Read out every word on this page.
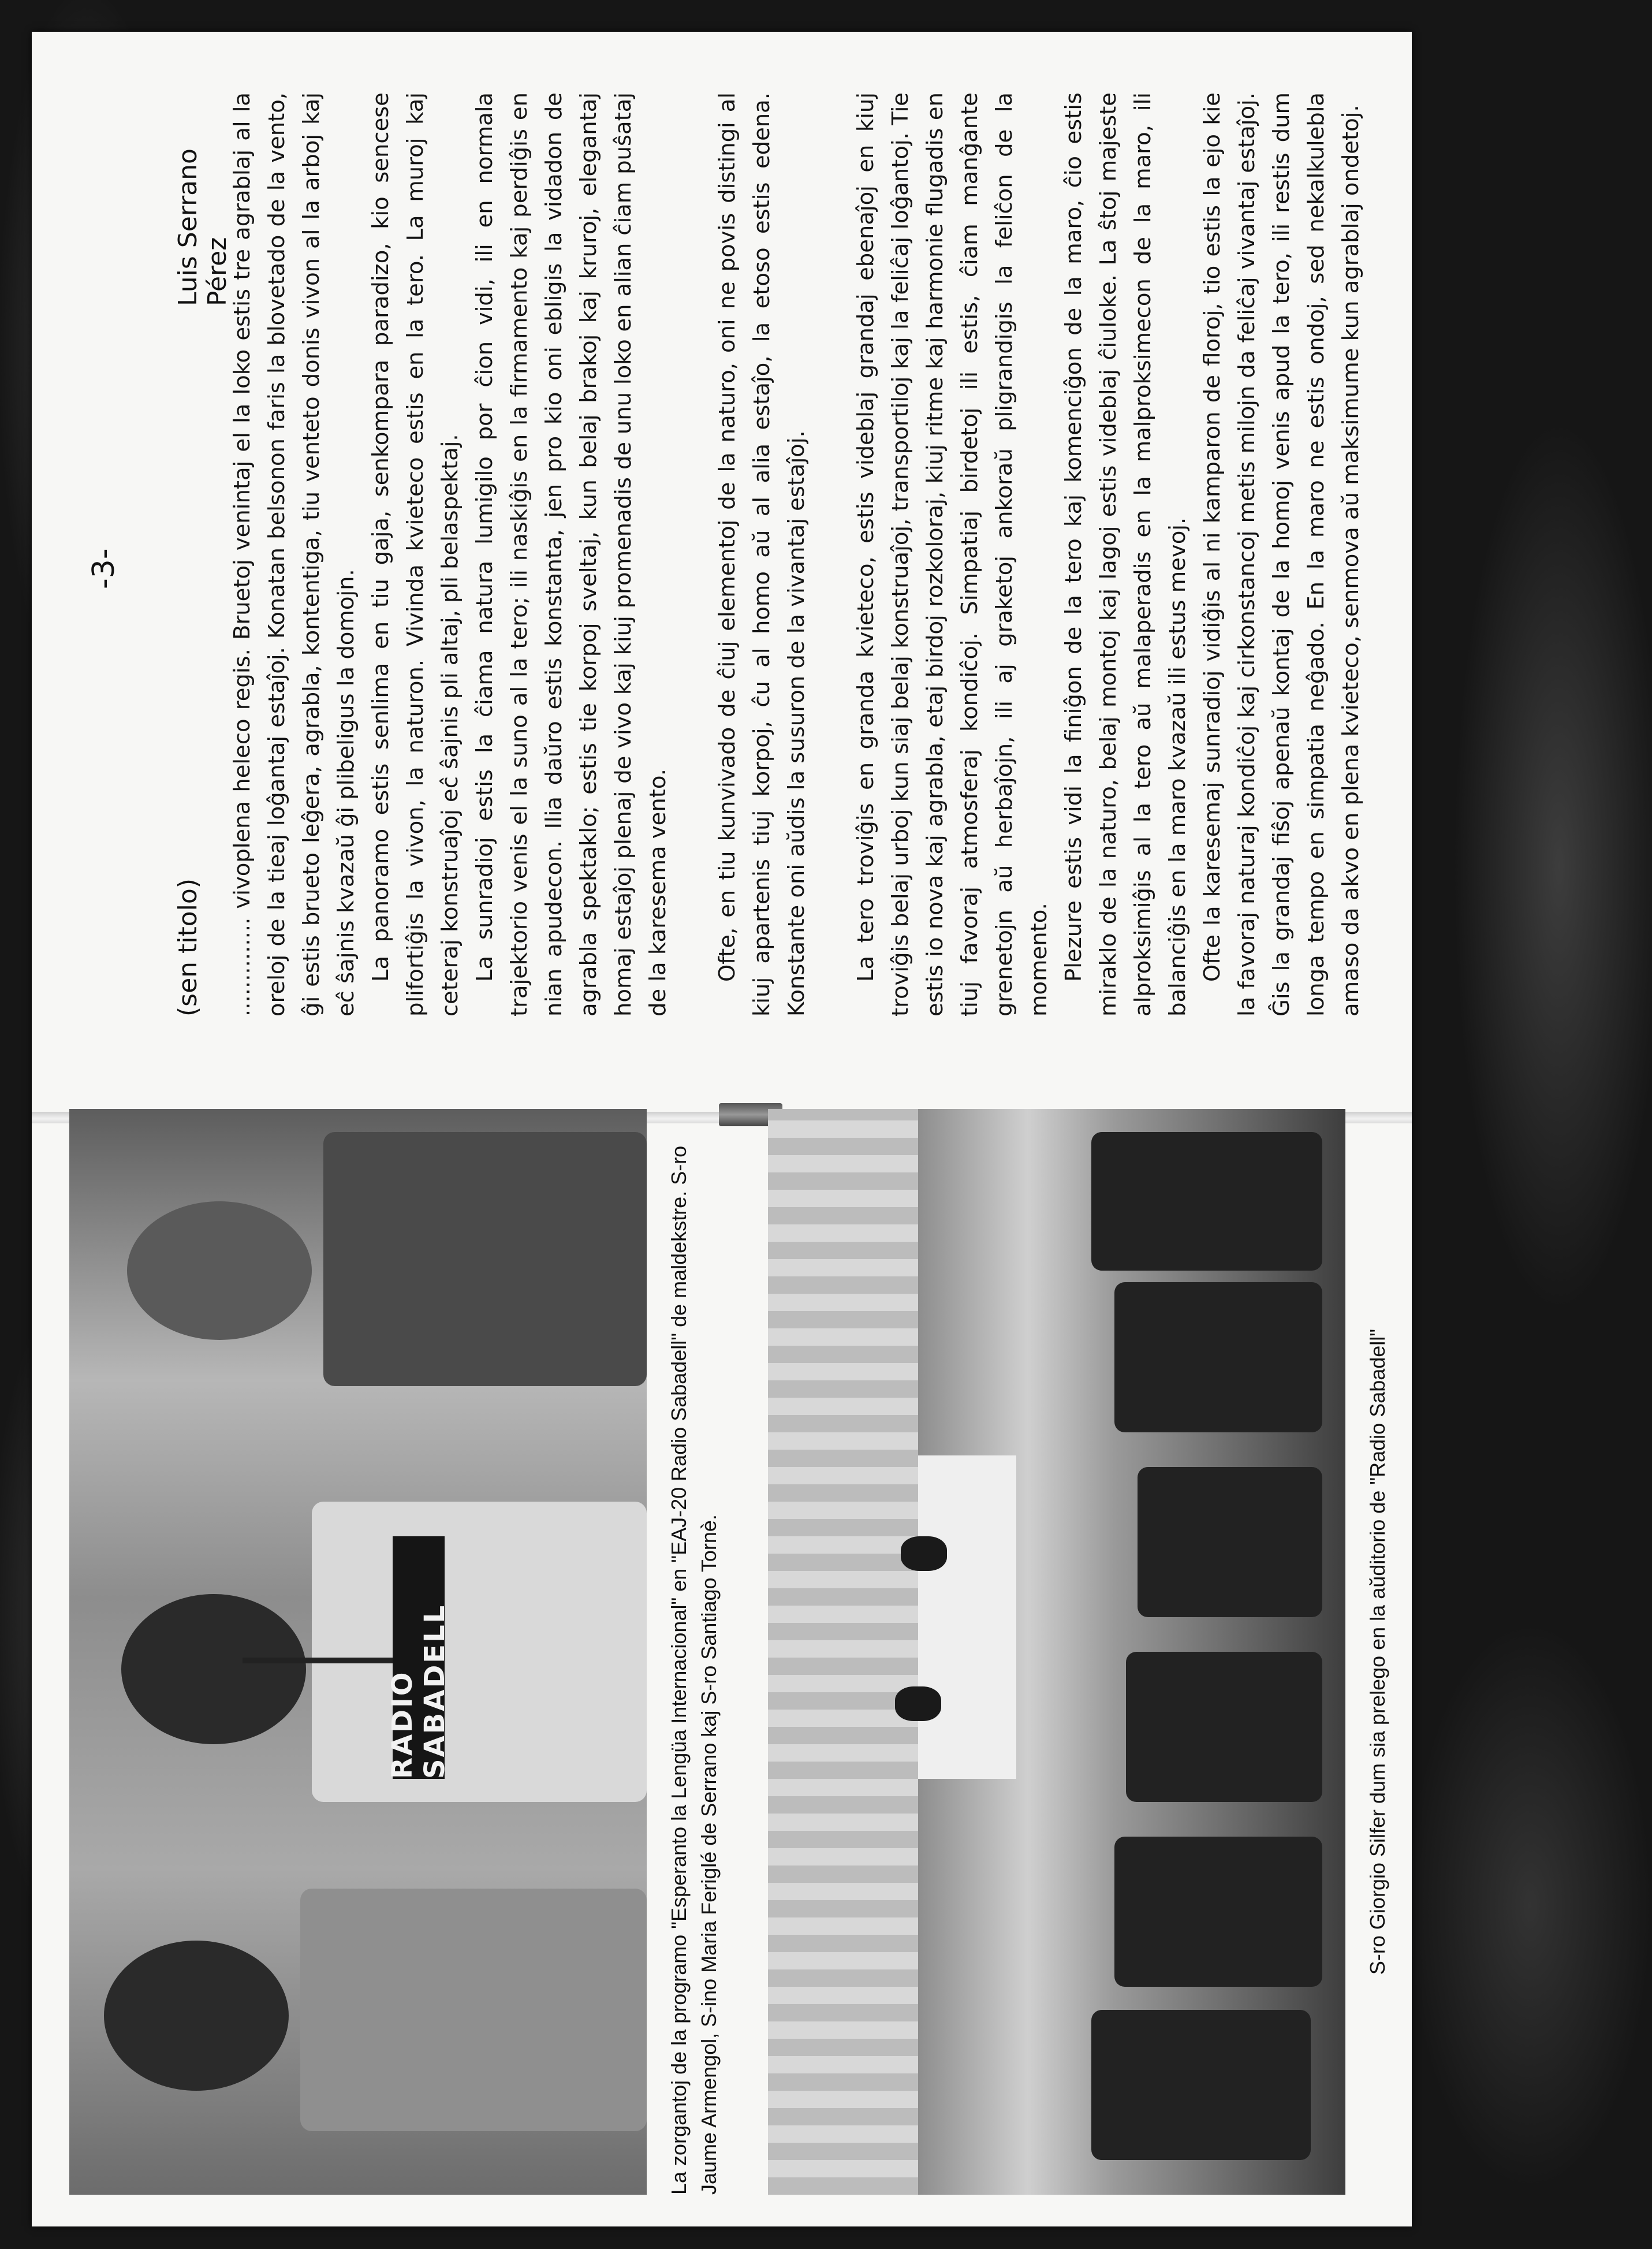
-3-
(sen titolo)
Luis Serrano Pérez

.............. vivoplena heleco regis. Bruetoj venintaj el la loko estis tre agrablaj al la oreloj de la tieaj loĝantaj estaĵoj. Konatan belsonon faris la blovetado de la vento, ĝi estis brueto leĝera, agrabla, kontentiga, tiu venteto donis vivon al la arboj kaj eĉ ŝajnis kvazaŭ ĝi plibeligus la domojn. La panoramo estis senlima en tiu gaja, senkompara paradizo, kio sencese plifortiĝis la vivon, la naturon. Vivinda kvieteco estis en la tero. La muroj kaj ceteraj konstruaĵoj eĉ ŝajnis pli altaj, pli belaspektaj. La sunradioj estis la ĉiama natura lumigilo por ĉion vidi, ili en normala trajektorio venis el la suno al la tero; ili naskiĝis en la firmamento kaj perdiĝis en nian apudecon. Ilia daŭro estis konstanta, jen pro kio oni ebligis la vidadon de agrabla spektaklo; estis tie korpoj sveltaj, kun belaj brakoj kaj kruroj, elegantaj homaj estaĵoj plenaj de vivo kaj kiuj promenadis de unu loko en alian ĉiam puŝataj de la karesema vento. Ofte, en tiu kunvivado de ĉiuj elementoj de la naturo, oni ne povis distingi al kiuj apartenis tiuj korpoj, ĉu al homo aŭ al alia estaĵo, la etoso estis edena. Konstante oni aŭdis la susuron de la vivantaj estaĵoj. La tero troviĝis en granda kvieteco, estis videblaj grandaj ebenaĵoj en kiuj troviĝis belaj urboj kun siaj belaj konstruaĵoj, transportiloj kaj la feliĉaj loĝantoj. Tie estis io nova kaj agrabla, etaj birdoj rozkoloraj, kiuj ritme kaj harmonie flugadis en tiuj favoraj atmosferaj kondiĉoj. Simpatiaj birdetoj ili estis, ĉiam manĝante grenetojn aŭ herbaĵojn, ili aj graketoj ankoraŭ pligrandigis la feliĉon de la momento. Plezure estis vidi la finiĝon de la tero kaj komenciĝon de la maro, ĉio estis miraklo de la naturo, belaj montoj kaj lagoj estis videblaj ĉiulokе. La ŝtoj majeste alproksimiĝis al la tero aŭ malaperadis en la malproksimecon de la maro, ili balanciĝis en la maro kvazaŭ ili estus mevoj. Ofte la karesemaj sunradioj vidiĝis al ni kamparon de floroj, tio estis la ejo kie la favoraj naturaj kondiĉoj kaj cirkonstancoj metis milojn da feliĉaj vivantaj estaĵoj. Ĝis la grandaj fiŝoj apenaŭ kontaj de la homoj venis apud la tero, ili restis dum longa tempo en simpatia neĝado. En la maro ne estis ondoj, sed nekalkulebla amaso da akvo en plena kvieteco, senmova aŭ maksimume kun agrablaj ondetoj.

RADIO SABADELL	La zorgantoj de la programo "Esperanto la Lengüa Internacional" en "EAJ-20 Radio Sabadell" de maldekstre. S-ro Jaume Armengol, S-ino Maria Feriglé de Serrano kaj S-ro Santiago Tornè.	S-ro Giorgio Silfer dum sia prelego en la aŭditorio de "Radio Sabadell"
